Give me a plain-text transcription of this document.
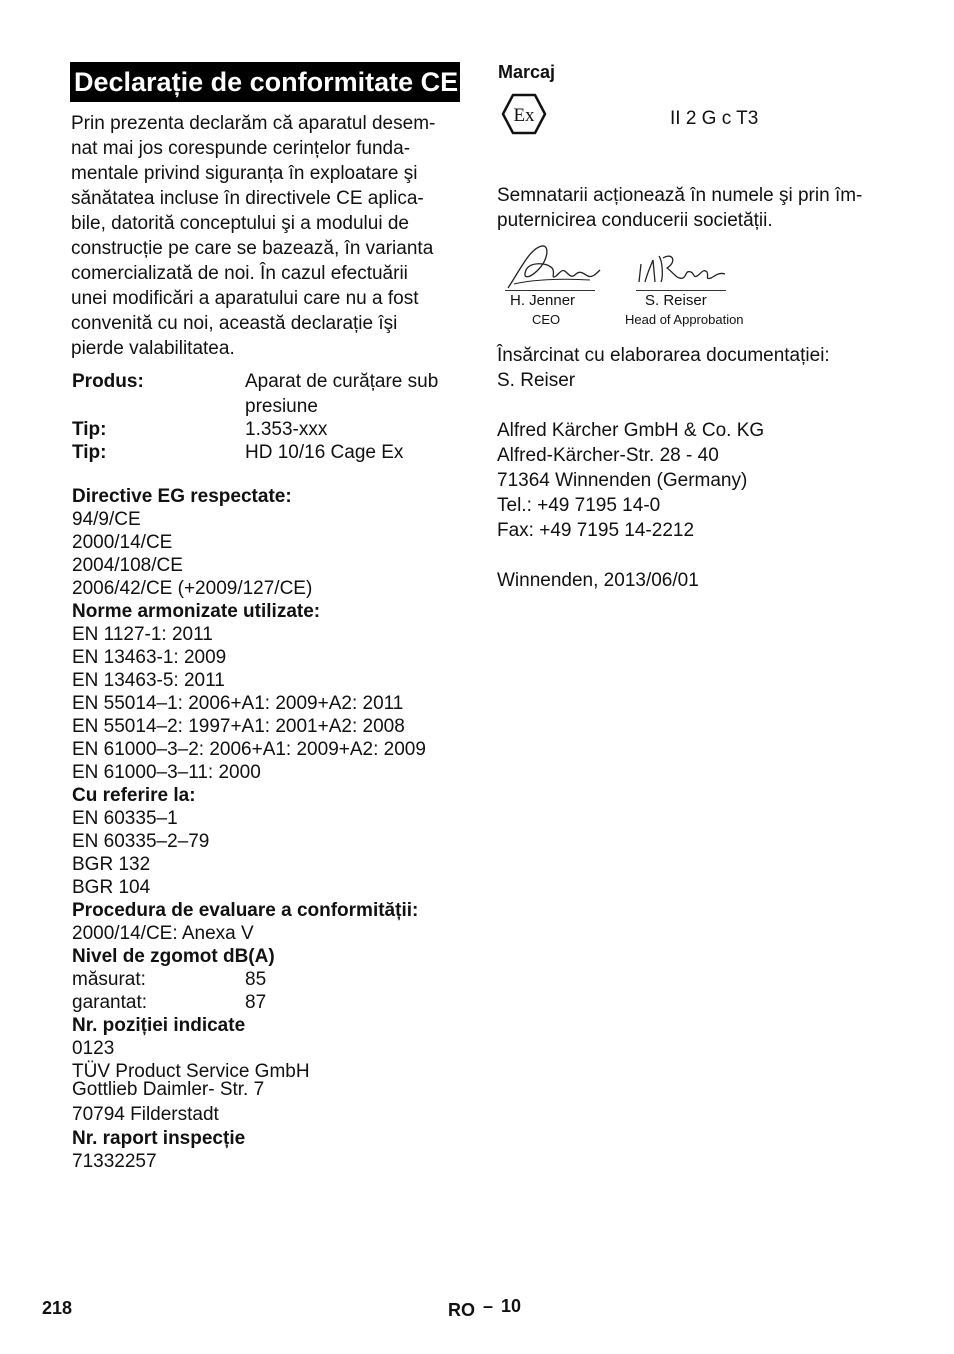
Declarație de conformitate CE
Prin prezenta declarăm că aparatul desem-
nat mai jos corespunde cerințelor funda-
mentale privind siguranța în exploatare şi
sănătatea incluse în directivele CE aplica-
bile, datorită conceptului şi a modului de
construcție pe care se bazează, în varianta
comercializată de noi. În cazul efectuării
unei modificări a aparatului care nu a fost
convenită cu noi, această declarație îşi
pierde valabilitatea.
Produs:	Aparat de curățare sub
presiune
Tip:	1.353-xxx
Tip:	HD 10/16 Cage Ex
Directive EG respectate:
94/9/CE
2000/14/CE
2004/108/CE
2006/42/CE (+2009/127/CE)
Norme armonizate utilizate:
EN 1127-1: 2011
EN 13463-1: 2009
EN 13463-5: 2011
EN 55014–1: 2006+A1: 2009+A2: 2011
EN 55014–2: 1997+A1: 2001+A2: 2008
EN 61000–3–2: 2006+A1: 2009+A2: 2009
EN 61000–3–11: 2000
Cu referire la:
EN 60335–1
EN 60335–2–79
BGR 132
BGR 104
Procedura de evaluare a conformității:
2000/14/CE: Anexa V
Nivel de zgomot dB(A)
măsurat:	85
garantat:	87
Nr. poziției indicate
0123
TÜV Product Service GmbH
Gottlieb Daimler- Str. 7
70794 Filderstadt
Nr. raport inspecție
71332257
Marcaj
Ex	II 2 G c T3
Semnatarii acționează în numele şi prin îm-
puternicirea conducerii societății.
H. Jenner
CEO
S. Reiser
Head of Approbation
Însărcinat cu elaborarea documentației:
S. Reiser
Alfred Kärcher GmbH & Co. KG
Alfred-Kärcher-Str. 28 - 40
71364 Winnenden (Germany)
Tel.: +49 7195 14-0
Fax: +49 7195 14-2212
Winnenden, 2013/06/01
218	RO – 10
